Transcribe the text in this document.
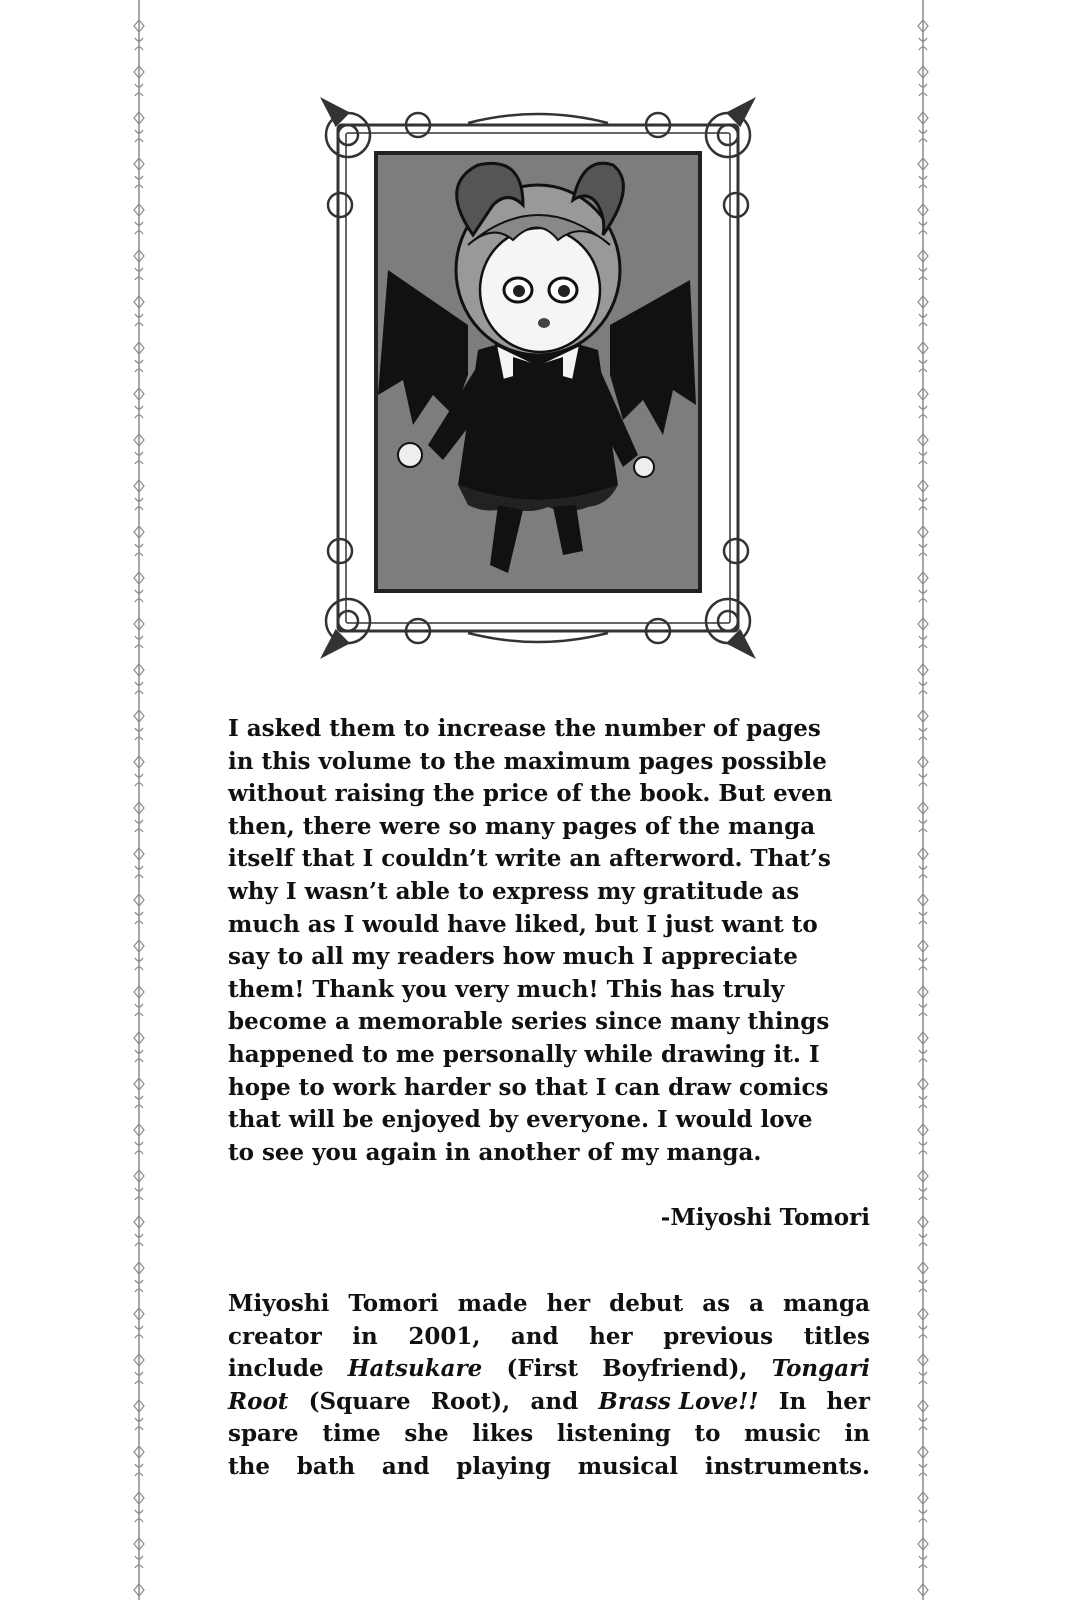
I asked them to increase the number of pages
in this volume to the maximum pages possible
without raising the price of the book. But even
then, there were so many pages of the manga
itself that I couldn’t write an afterword. That’s
why I wasn’t able to express my gratitude as
much as I would have liked, but I just want to
say to all my readers how much I appreciate
them! Thank you very much! This has truly
become a memorable series since many things
happened to me personally while drawing it. I
hope to work harder so that I can draw comics
that will be enjoyed by everyone. I would love
to see you again in another of my manga.
-Miyoshi Tomori
Miyoshi Tomori made her debut as a manga
creator in 2001, and her previous titles
include Hatsukare (First Boyfriend), Tongari
Root (Square Root), and Brass Love!! In her
spare time she likes listening to music in
the bath and playing musical instruments.
